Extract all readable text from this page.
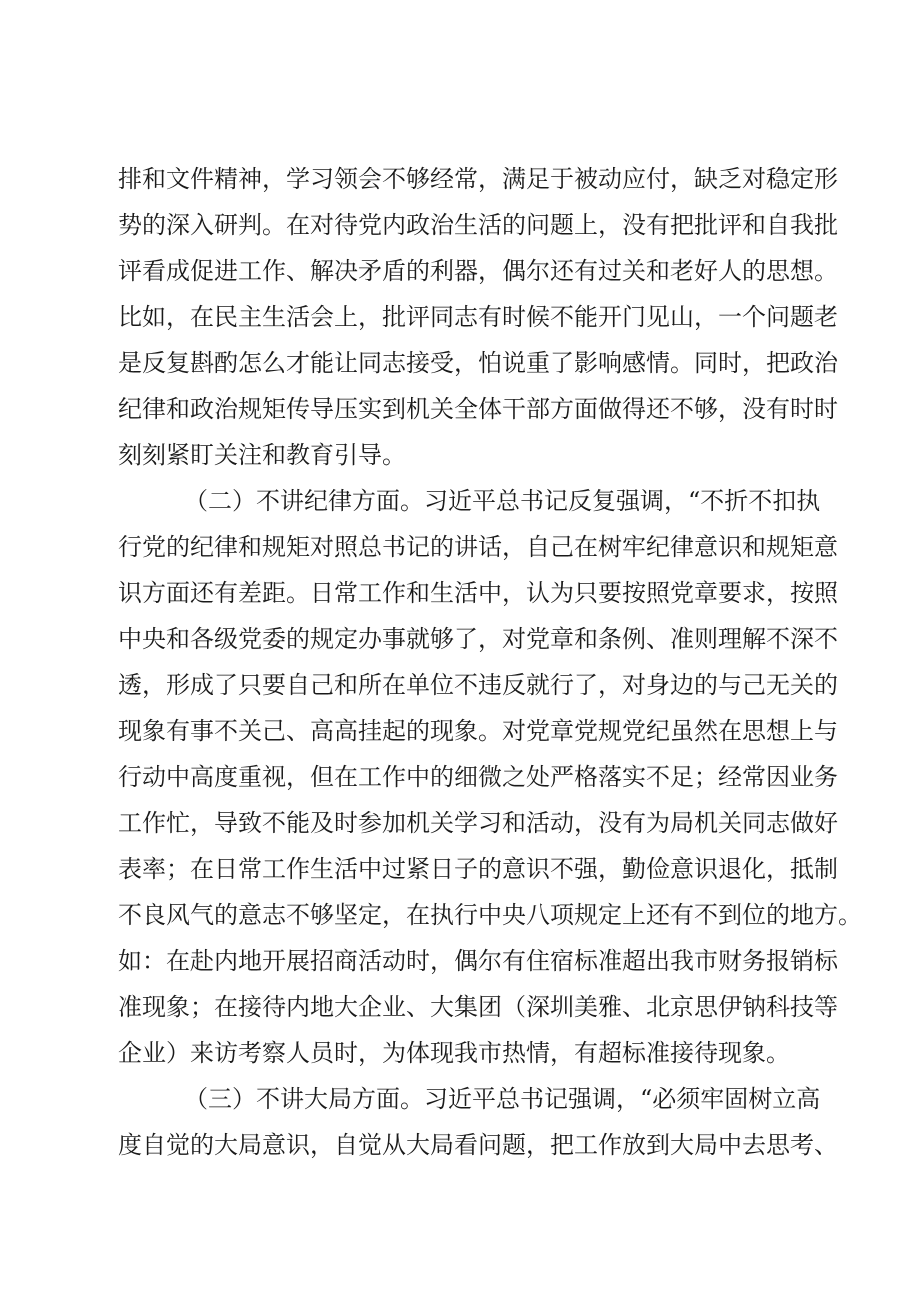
排和文件精神，学习领会不够经常，满足于被动应付，缺乏对稳定形
势的深入研判。在对待党内政治生活的问题上，没有把批评和自我批
评看成促进工作、解决矛盾的利器，偶尔还有过关和老好人的思想。
比如，在民主生活会上，批评同志有时候不能开门见山，一个问题老
是反复斟酌怎么才能让同志接受，怕说重了影响感情。同时，把政治
纪律和政治规矩传导压实到机关全体干部方面做得还不够，没有时时
刻刻紧盯关注和教育引导。
（二）不讲纪律方面。习近平总书记反复强调，“不折不扣执
行党的纪律和规矩对照总书记的讲话，自己在树牢纪律意识和规矩意
识方面还有差距。日常工作和生活中，认为只要按照党章要求，按照
中央和各级党委的规定办事就够了，对党章和条例、准则理解不深不
透，形成了只要自己和所在单位不违反就行了，对身边的与己无关的
现象有事不关己、高高挂起的现象。对党章党规党纪虽然在思想上与
行动中高度重视，但在工作中的细微之处严格落实不足；经常因业务
工作忙，导致不能及时参加机关学习和活动，没有为局机关同志做好
表率；在日常工作生活中过紧日子的意识不强，勤俭意识退化，抵制
不良风气的意志不够坚定，在执行中央八项规定上还有不到位的地方。
如：在赴内地开展招商活动时，偶尔有住宿标准超出我市财务报销标
准现象；在接待内地大企业、大集团（深圳美雅、北京思伊钠科技等
企业）来访考察人员时，为体现我市热情，有超标准接待现象。
（三）不讲大局方面。习近平总书记强调，“必须牢固树立高
度自觉的大局意识，自觉从大局看问题，把工作放到大局中去思考、
